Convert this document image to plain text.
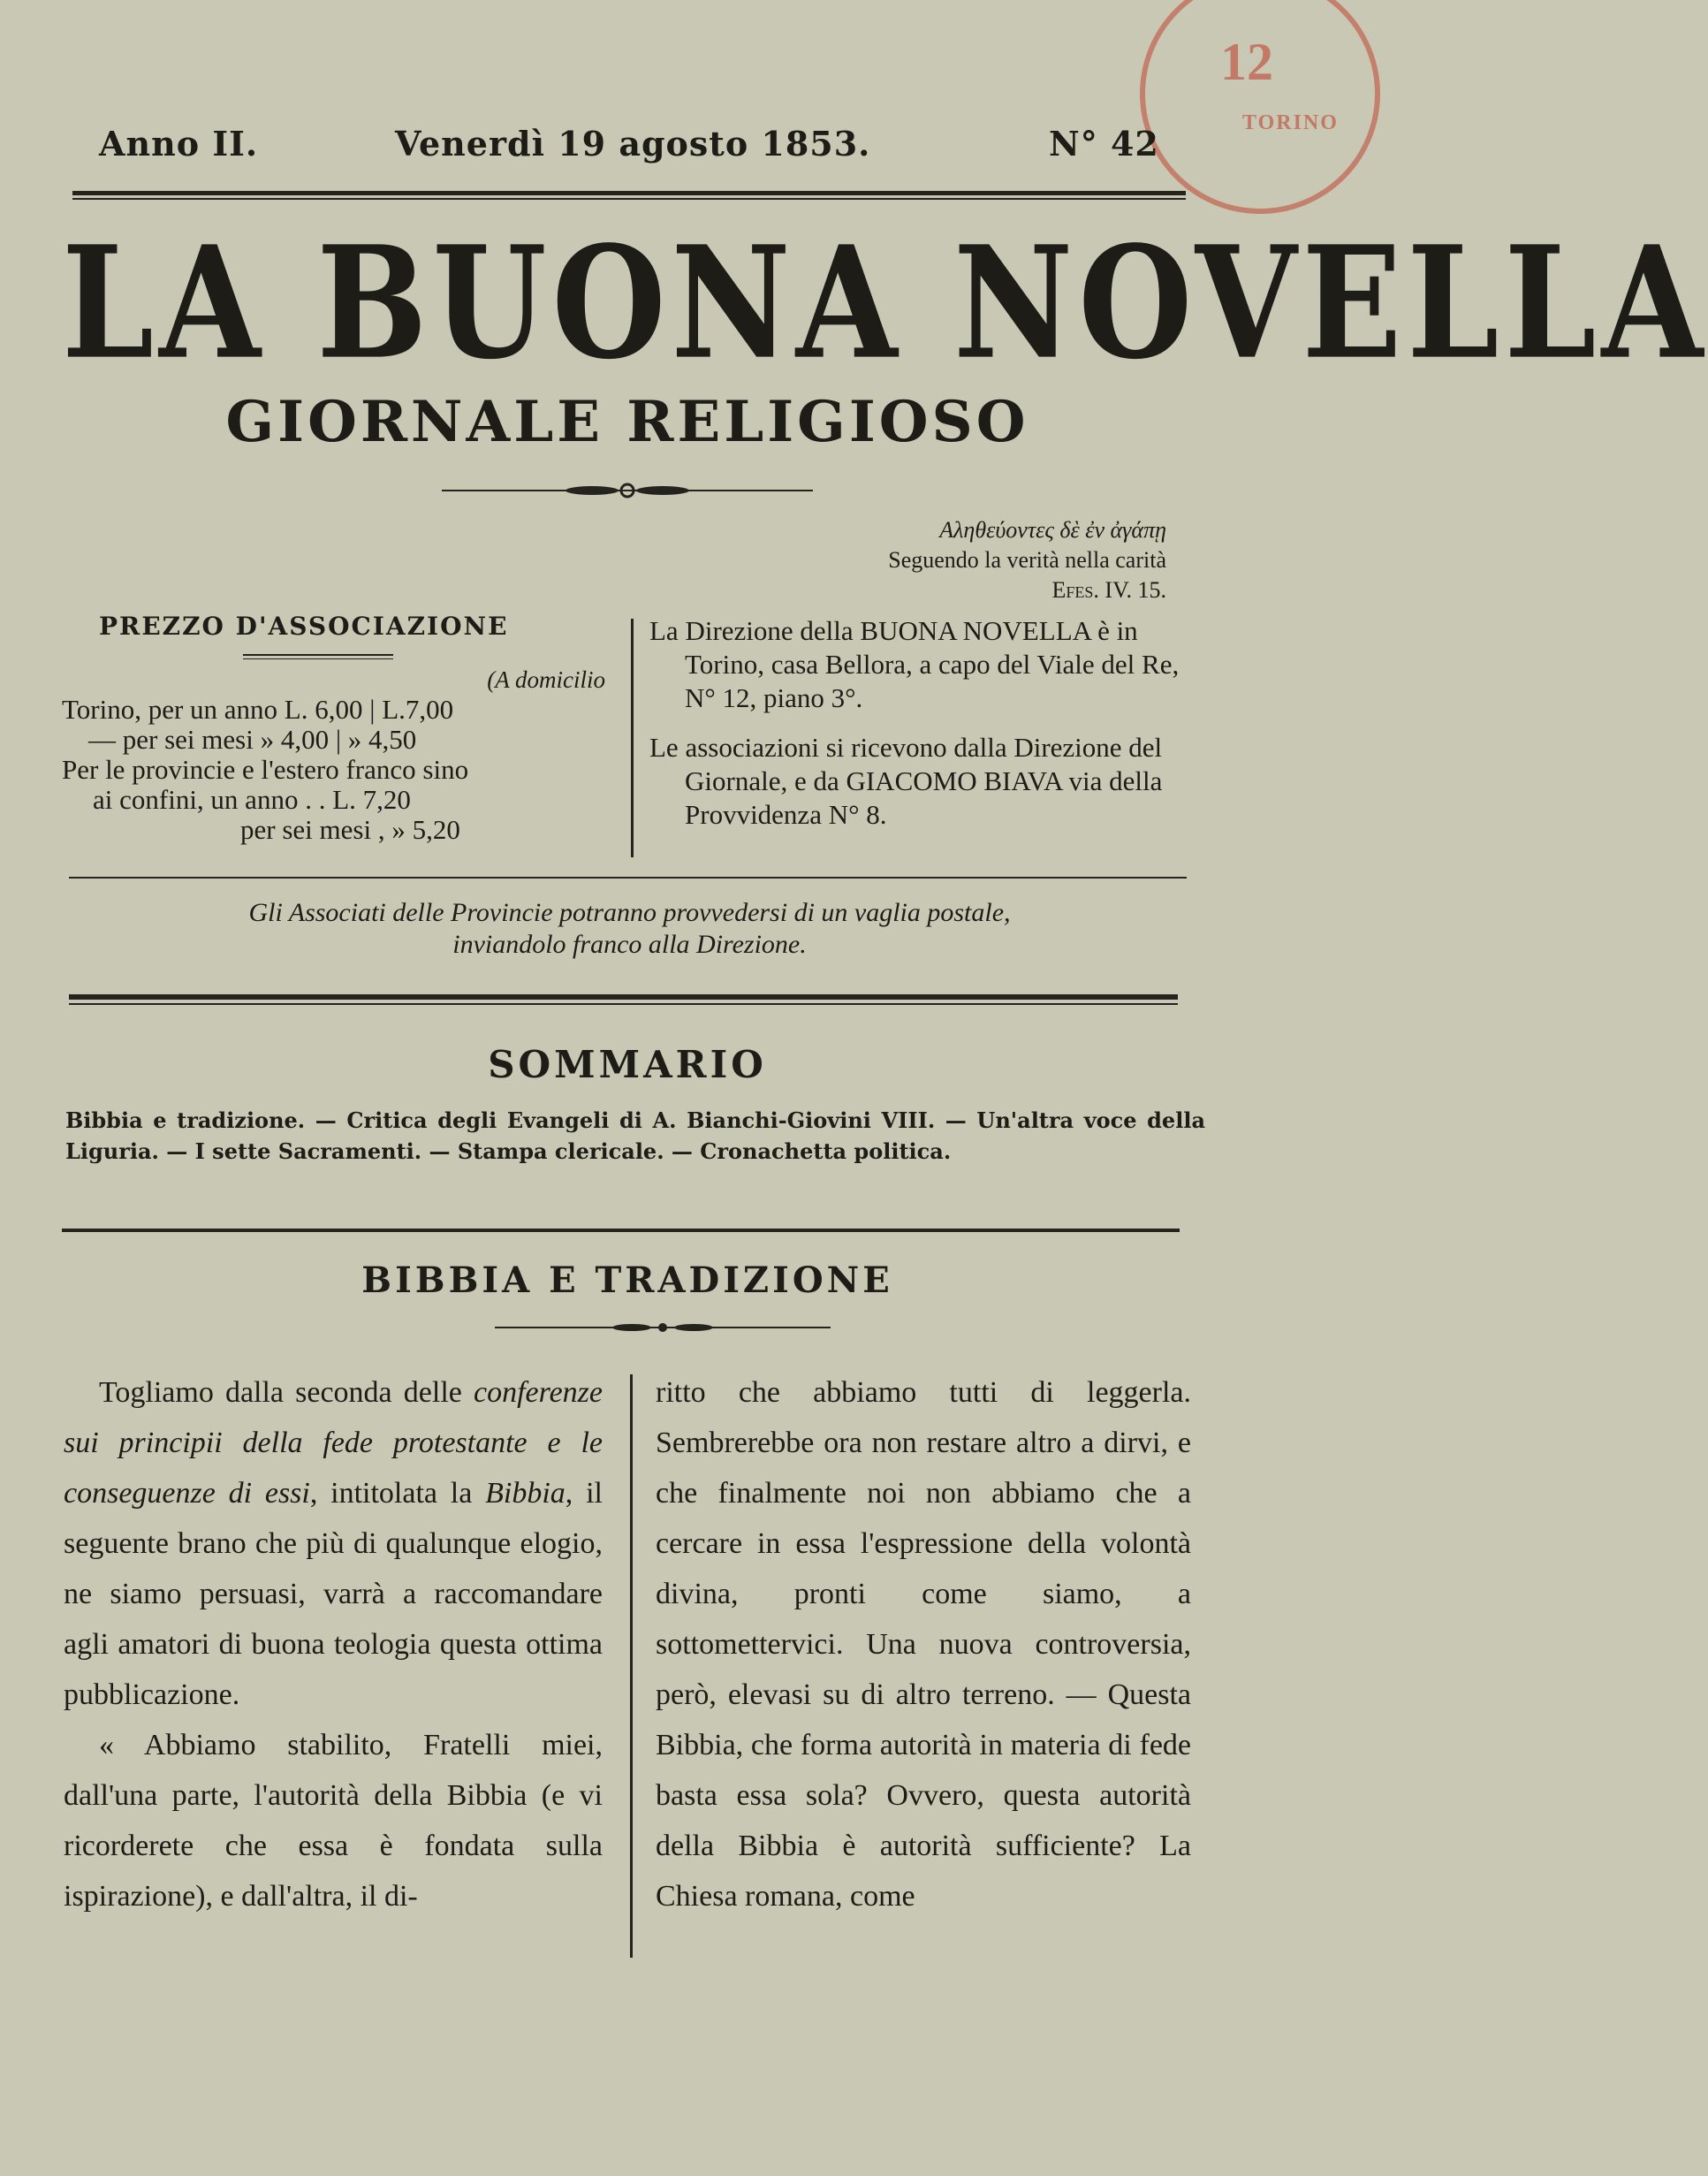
12
TORINO
Anno II.	Venerdì 19 agosto 1853.	N° 42
LA BUONA NOVELLA
GIORNALE RELIGIOSO
Αληθεύοντες δὲ ἐν ἀγάπῃ
Seguendo la verità nella carità
Efes. IV. 15.
PREZZO D'ASSOCIAZIONE
(A domicilio
Torino, per un anno L. 6,00 | L.7,00
— per sei mesi » 4,00 | » 4,50
Per le provincie e l'estero franco sino
ai confini, un anno . . L. 7,20
per sei mesi , » 5,20

La Direzione della BUONA NOVELLA è in Torino, casa Bellora, a capo del Viale del Re, N° 12, piano 3°.

Le associazioni si ricevono dalla Direzione del Giornale, e da GIACOMO BIAVA via della Provvidenza N° 8.

Gli Associati delle Provincie potranno provvedersi di un vaglia postale,
inviandolo franco alla Direzione.
SOMMARIO
Bibbia e tradizione. — Critica degli Evangeli di A. Bianchi-Giovini VIII. — Un'altra voce della Liguria. — I sette Sacramenti. — Stampa clericale. — Cronachetta politica.
BIBBIA E TRADIZIONE

Togliamo dalla seconda delle conferenze sui principii della fede protestante e le conseguenze di essi, intitolata la Bibbia, il seguente brano che più di qualunque elogio, ne siamo persuasi, varrà a raccomandare agli amatori di buona teologia questa ottima pubblicazione.

« Abbiamo stabilito, Fratelli miei, dall'una parte, l'autorità della Bibbia (e vi ricorderete che essa è fondata sulla ispirazione), e dall'altra, il di-

ritto che abbiamo tutti di leggerla. Sembrerebbe ora non restare altro a dirvi, e che finalmente noi non abbiamo che a cercare in essa l'espressione della volontà divina, pronti come siamo, a sottomettervici. Una nuova controversia, però, elevasi su di altro terreno. — Questa Bibbia, che forma autorità in materia di fede basta essa sola? Ovvero, questa autorità della Bibbia è autorità sufficiente? La Chiesa romana, come
